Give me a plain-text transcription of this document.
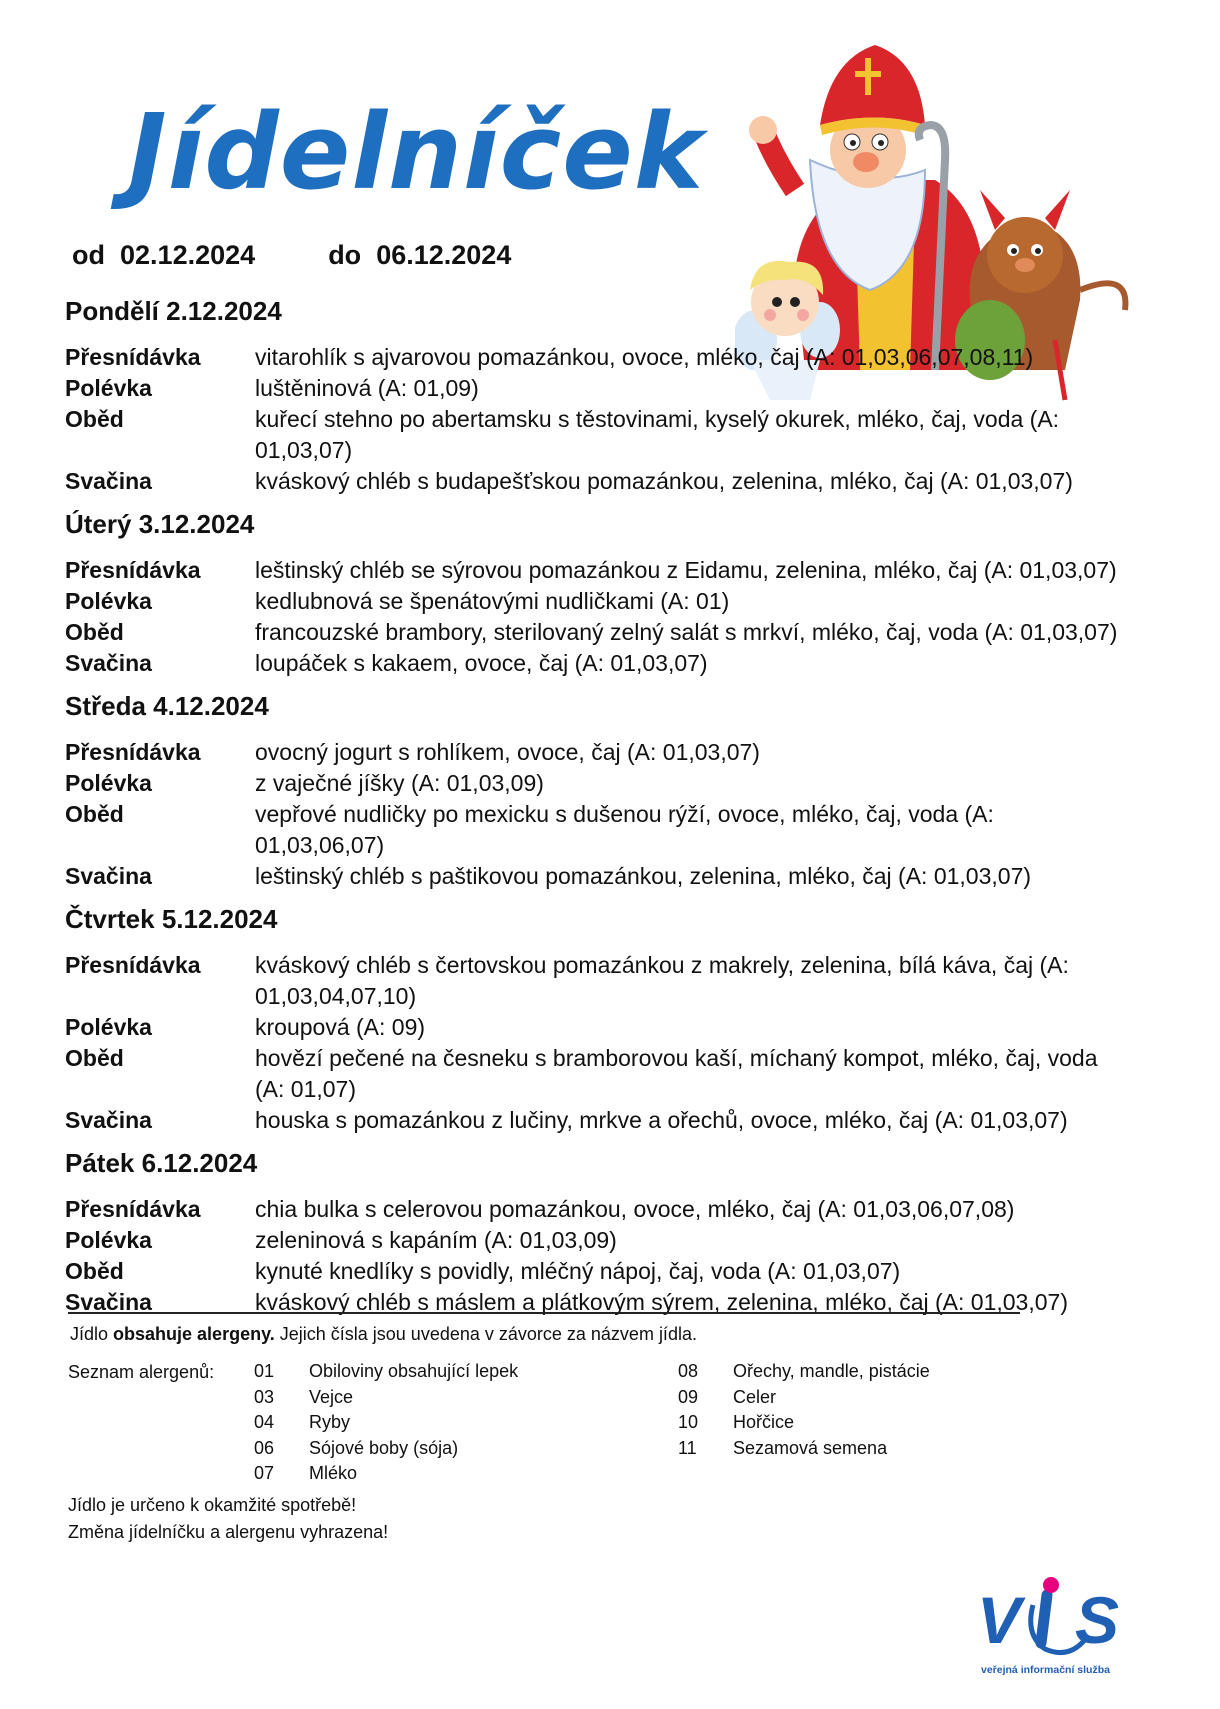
Jídelníček
od 02.12.2024	do 06.12.2024
Pondělí 2.12.2024
Přesnídávka	vitarohlík s ajvarovou pomazánkou, ovoce, mléko, čaj (A: 01,03,06,07,08,11)
Polévka	luštěninová (A: 01,09)
Oběd	kuřecí stehno po abertamsku s těstovinami, kyselý okurek, mléko, čaj, voda (A:
01,03,07)
Svačina	kváskový chléb s budapešťskou pomazánkou, zelenina, mléko, čaj (A: 01,03,07)
Úterý 3.12.2024
Přesnídávka	leštinský chléb se sýrovou pomazánkou z Eidamu, zelenina, mléko, čaj (A: 01,03,07)
Polévka	kedlubnová se špenátovými nudličkami (A: 01)
Oběd	francouzské brambory, sterilovaný zelný salát s mrkví, mléko, čaj, voda (A: 01,03,07)
Svačina	loupáček s kakaem, ovoce, čaj (A: 01,03,07)
Středa 4.12.2024
Přesnídávka	ovocný jogurt s rohlíkem, ovoce, čaj (A: 01,03,07)
Polévka	z vaječné jíšky (A: 01,03,09)
Oběd	vepřové nudličky po mexicku s dušenou rýží, ovoce, mléko, čaj, voda (A:
01,03,06,07)
Svačina	leštinský chléb s paštikovou pomazánkou, zelenina, mléko, čaj (A: 01,03,07)
Čtvrtek 5.12.2024
Přesnídávka	kváskový chléb s čertovskou pomazánkou z makrely, zelenina, bílá káva, čaj (A:
01,03,04,07,10)
Polévka	kroupová (A: 09)
Oběd	hovězí pečené na česneku s bramborovou kaší, míchaný kompot, mléko, čaj, voda
(A: 01,07)
Svačina	houska s pomazánkou z lučiny, mrkve a ořechů, ovoce, mléko, čaj (A: 01,03,07)
Pátek 6.12.2024
Přesnídávka	chia bulka s celerovou pomazánkou, ovoce, mléko, čaj (A: 01,03,06,07,08)
Polévka	zeleninová s kapáním (A: 01,03,09)
Oběd	kynuté knedlíky s povidly, mléčný nápoj, čaj, voda (A: 01,03,07)
Svačina	kváskový chléb s máslem a plátkovým sýrem, zelenina, mléko, čaj (A: 01,03,07)
Jídlo obsahuje alergeny. Jejich čísla jsou uvedena v závorce za názvem jídla.
Seznam alergenů: 01	Obiloviny obsahující lepek
03	Vejce
04	Ryby
06	Sójové boby (sója)
07	Mléko
08	Ořechy, mandle, pistácie
09	Celer
10	Hořčice
11	Sezamová semena
Jídlo je určeno k okamžité spotřebě!
Změna jídelníčku a alergenu vyhrazena!
V S
veřejná informační služba
